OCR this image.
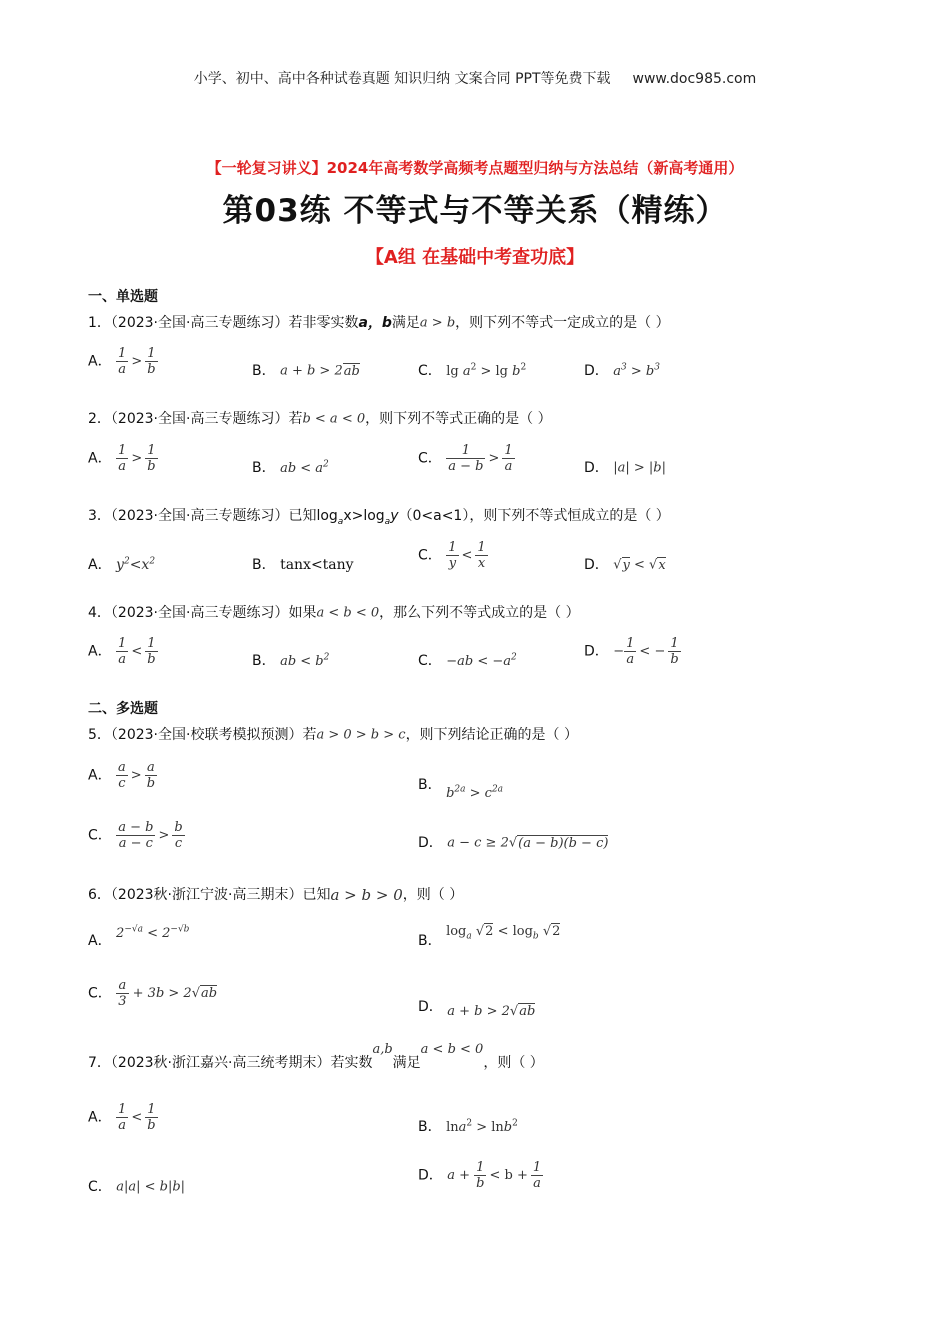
小学、初中、高中各种试卷真题 知识归纳 文案合同 PPT等免费下载 www.doc985.com
【一轮复习讲义】2024年高考数学高频考点题型归纳与方法总结（新高考通用）
第03练 不等式与不等关系（精练）
【A组 在基础中考查功底】
一、单选题
1．（2023·全国·高三专题练习）若非零实数a，b满足a > b，则下列不等式一定成立的是（ ）
A． $\frac{1}{a} > \frac{1}{b}$	B． a + b > 2ab	C． $\lg a^2 > \lg b^2$	D． $a^3 > b^3$
2．（2023·全国·高三专题练习）若b < a < 0，则下列不等式正确的是（ ）
A． $\frac{1}{a} > \frac{1}{b}$	B． ab < $a^2$	C． $\frac{1}{a - b} > \frac{1}{a}$	D． |a| > |b|
3．（2023·全国·高三专题练习）已知$\log_ax>\log_ay(0<a<1)$，则下列不等式恒成立的是（ ）
A． $y^2<x^2$	B． tanx<tany
C． $\frac{1}{y} < \frac{1}{x}$	D． √y < √x
4．（2023·全国·高三专题练习）如果a < b < 0，那么下列不等式成立的是（ ）
A． $\frac{1}{a} < \frac{1}{b}$	B． ab < $b^2$	C． $-ab < -a^2$	D． − $\frac{1}{a}$ < − $\frac{1}{b}$
二、多选题
5．（2023·全国·校联考模拟预测）若a > 0 > b > c，则下列结论正确的是（ ）
A． $\frac{a}{c} > \frac{a}{b}$	B． $b^{2a} > c^{2a}$
C． $\frac{a - b}{a - c} > \frac{b}{c}$	D． a − c ≥ 2√(a − b)(b − c)
6．（2023秋·浙江宁波·高三期末）已知a > b > 0，则（ ）
A． $2^{-√a} < 2^{-√b}$
B． $\log_a √2 < \log_b √2$
C． $\frac{a}{3} + 3b > 2√ab$
D． a + b > 2√ab
7．（2023秋·浙江嘉兴·高三统考期末）若实数a,b满足a < b < 0，则（ ）
A． $\frac{1}{a} < \frac{1}{b}$	B． lna$^2$ > lnb$^2$
C． a|a| < b|b|
D． $a + \frac{1}{b} < b + \frac{1}{a}$
